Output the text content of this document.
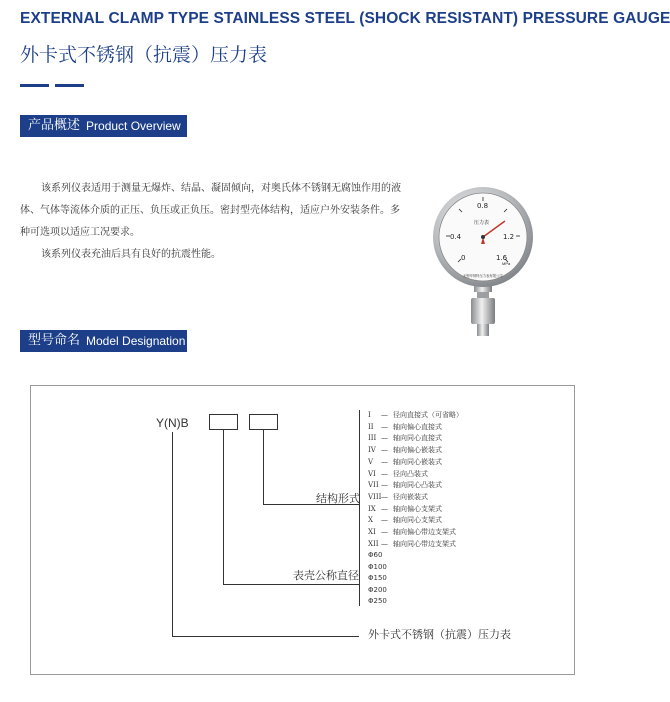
EXTERNAL CLAMP TYPE STAINLESS STEEL (SHOCK RESISTANT) PRESSURE GAUGE
外卡式不锈钢（抗震）压力表
产品概述 Product Overview

该系列仪表适用于测量无爆炸、结晶、凝固倾向，对奥氏体不锈钢无腐蚀作用的液体、气体等流体介质的正压、负压或正负压。密封型壳体结构，适应户外安装条件。多种可选项以适应工况要求。

该系列仪表充油后具有良好的抗震性能。	0
0.4
0.8
1.2
1.6
压力表
MPa
无锡华纳特压力表有限公司
型号命名 Model Designation
Y(N)B
结构形式
表壳公称直径
外卡式不锈钢（抗震）压力表
I	— 径向直接式（可省略）
II	— 轴向偏心直接式
III — 轴向同心直接式
IV — 轴向偏心嵌装式
V	— 轴向同心嵌装式
VI — 径向凸装式
VII — 轴向同心凸装式
VIII — 径向嵌装式
IX — 轴向偏心支架式
X	— 轴向同心支架式
XI — 轴向偏心带边支架式
XII — 轴向同心带边支架式
Φ60
Φ100
Φ150
Φ200
Φ250
